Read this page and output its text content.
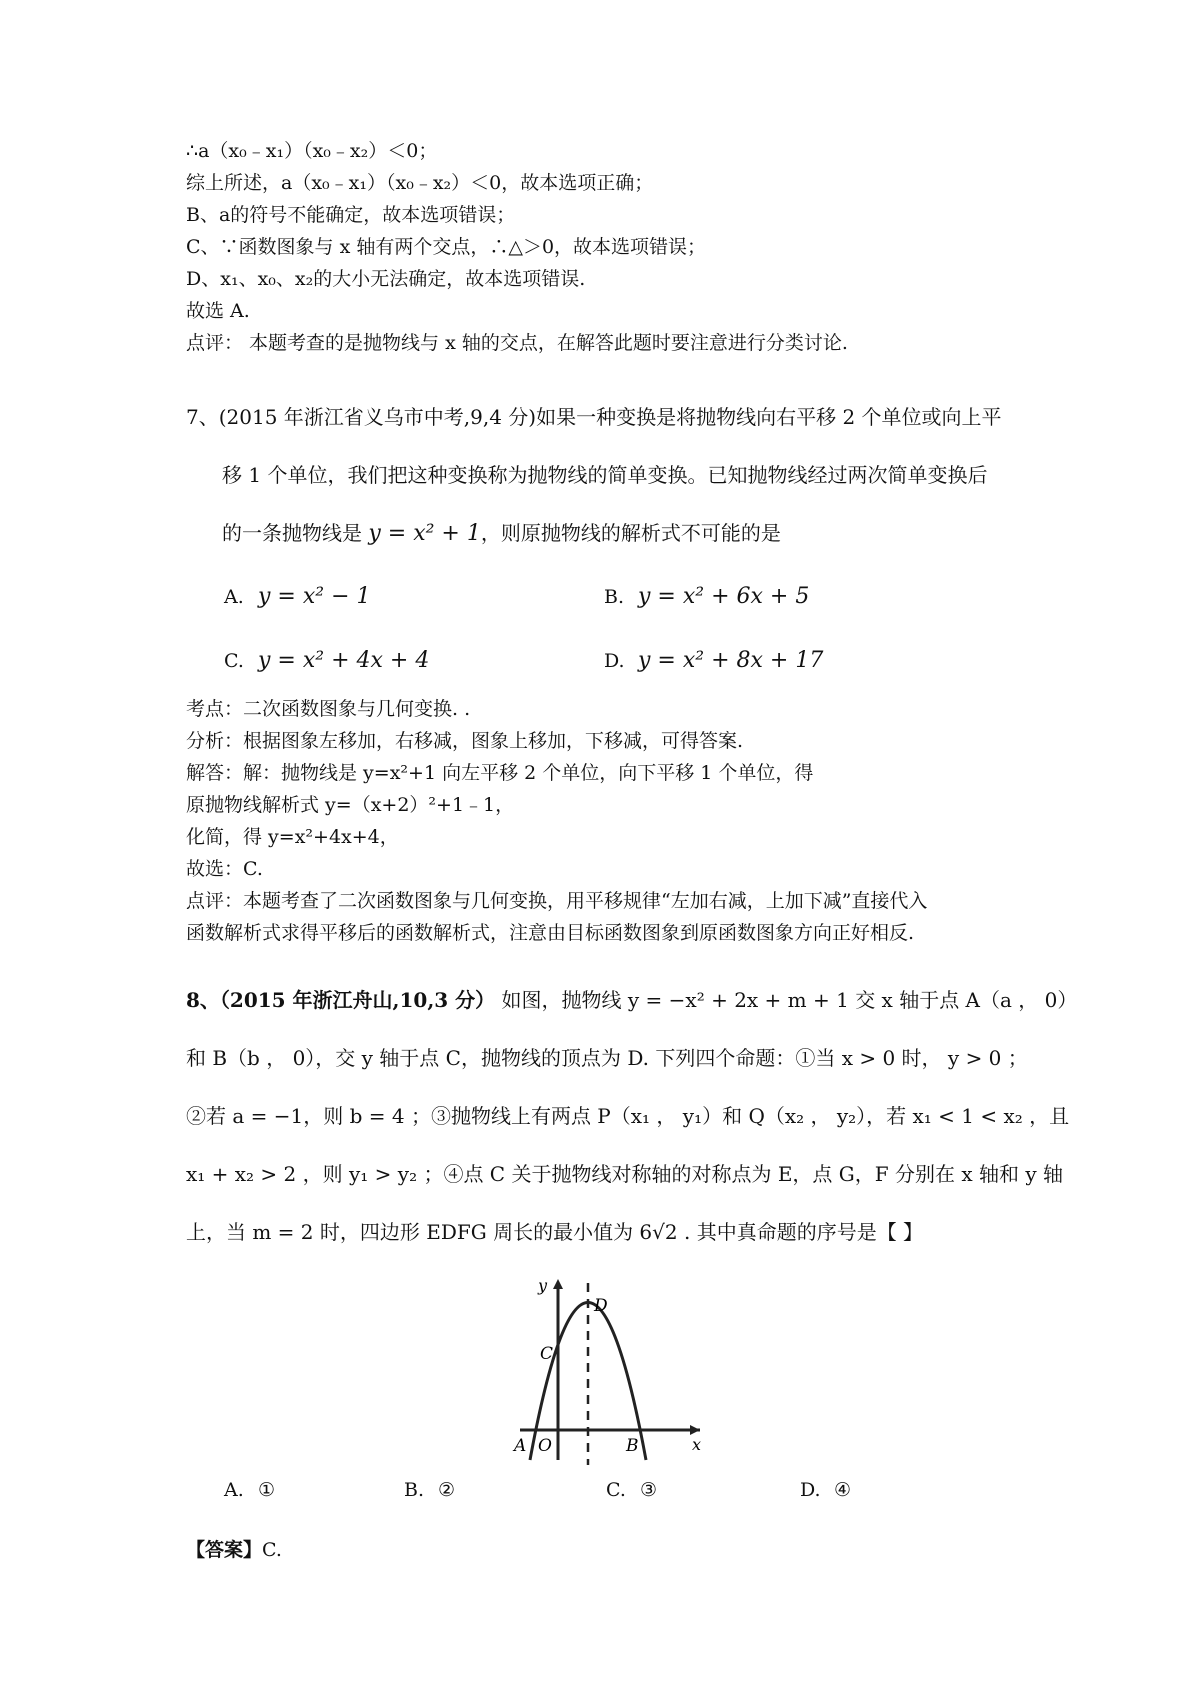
∴a（x₀﹣x₁）（x₀﹣x₂）＜0；
综上所述，a（x₀﹣x₁）（x₀﹣x₂）＜0，故本选项正确；
B、a的符号不能确定，故本选项错误；
C、∵函数图象与 x 轴有两个交点，∴△＞0，故本选项错误；
D、x₁、x₀、x₂的大小无法确定，故本选项错误.
故选 A.
点评： 本题考查的是抛物线与 x 轴的交点，在解答此题时要注意进行分类讨论.
7、(2015 年浙江省义乌市中考,9,4 分)如果一种变换是将抛物线向右平移 2 个单位或向上平
移 1 个单位，我们把这种变换称为抛物线的简单变换。已知抛物线经过两次简单变换后
的一条抛物线是 y = x² + 1，则原抛物线的解析式不可能的是
A. y = x² − 1	B. y = x² + 6x + 5
C. y = x² + 4x + 4	D. y = x² + 8x + 17
考点：二次函数图象与几何变换. .
分析：根据图象左移加，右移减，图象上移加，下移减，可得答案.
解答：解：抛物线是 y=x²+1 向左平移 2 个单位，向下平移 1 个单位，得
原抛物线解析式 y=（x+2）²+1﹣1，
化简，得 y=x²+4x+4，
故选：C.
点评：本题考查了二次函数图象与几何变换，用平移规律“左加右减，上加下减”直接代入
函数解析式求得平移后的函数解析式，注意由目标函数图象到原函数图象方向正好相反.
8、（2015 年浙江舟山,10,3 分） 如图，抛物线 y = −x² + 2x + m + 1 交 x 轴于点 A（a ， 0）
和 B（b ， 0），交 y 轴于点 C，抛物线的顶点为 D. 下列四个命题：①当 x > 0 时， y > 0 ；
②若 a = −1，则 b = 4 ；③抛物线上有两点 P（x₁ ， y₁）和 Q（x₂ ， y₂），若 x₁ < 1 < x₂ ，且
x₁ + x₂ > 2 ，则 y₁ > y₂ ；④点 C 关于抛物线对称轴的对称点为 E，点 G，F 分别在 x 轴和 y 轴
上，当 m = 2 时，四边形 EDFG 周长的最小值为 6√2 . 其中真命题的序号是【 】
y
x
D
C
A O	B
A. ①	B. ②	C. ③	D. ④
【答案】C.
